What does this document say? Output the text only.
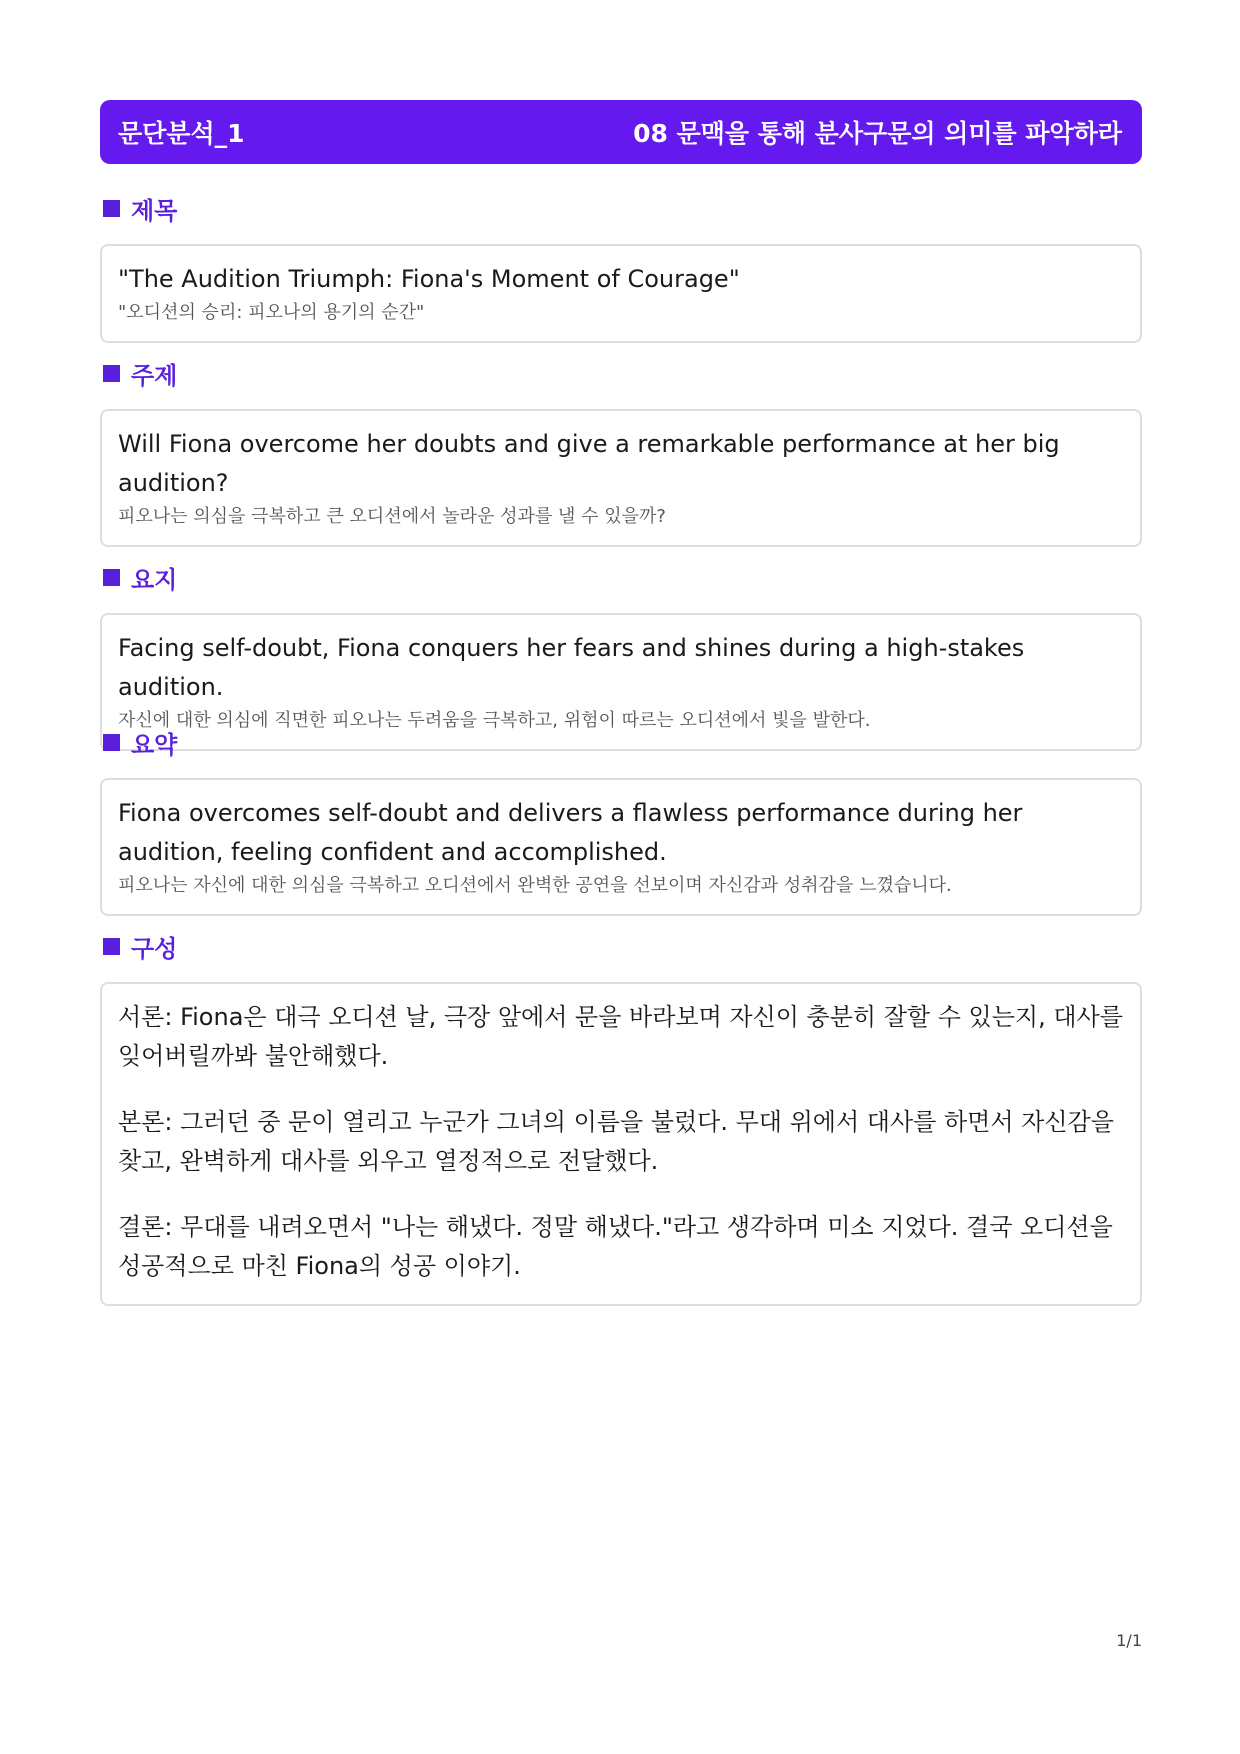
문단분석_1	08 문맥을 통해 분사구문의 의미를 파악하라
제목
"The Audition Triumph: Fiona's Moment of Courage"
"오디션의 승리: 피오나의 용기의 순간"
주제
Will Fiona overcome her doubts and give a remarkable performance at her big audition?
피오나는 의심을 극복하고 큰 오디션에서 놀라운 성과를 낼 수 있을까?
요지
Facing self-doubt, Fiona conquers her fears and shines during a high-stakes audition.
자신에 대한 의심에 직면한 피오나는 두려움을 극복하고, 위험이 따르는 오디션에서 빛을 발한다.
요약
Fiona overcomes self-doubt and delivers a flawless performance during her audition, feeling confident and accomplished.
피오나는 자신에 대한 의심을 극복하고 오디션에서 완벽한 공연을 선보이며 자신감과 성취감을 느꼈습니다.
구성
서론: Fiona은 대극 오디션 날, 극장 앞에서 문을 바라보며 자신이 충분히 잘할 수 있는지, 대사를 잊어버릴까봐 불안해했다.
본론: 그러던 중 문이 열리고 누군가 그녀의 이름을 불렀다. 무대 위에서 대사를 하면서 자신감을 찾고, 완벽하게 대사를 외우고 열정적으로 전달했다.
결론: 무대를 내려오면서 "나는 해냈다. 정말 해냈다."라고 생각하며 미소 지었다. 결국 오디션을 성공적으로 마친 Fiona의 성공 이야기.
1/1
